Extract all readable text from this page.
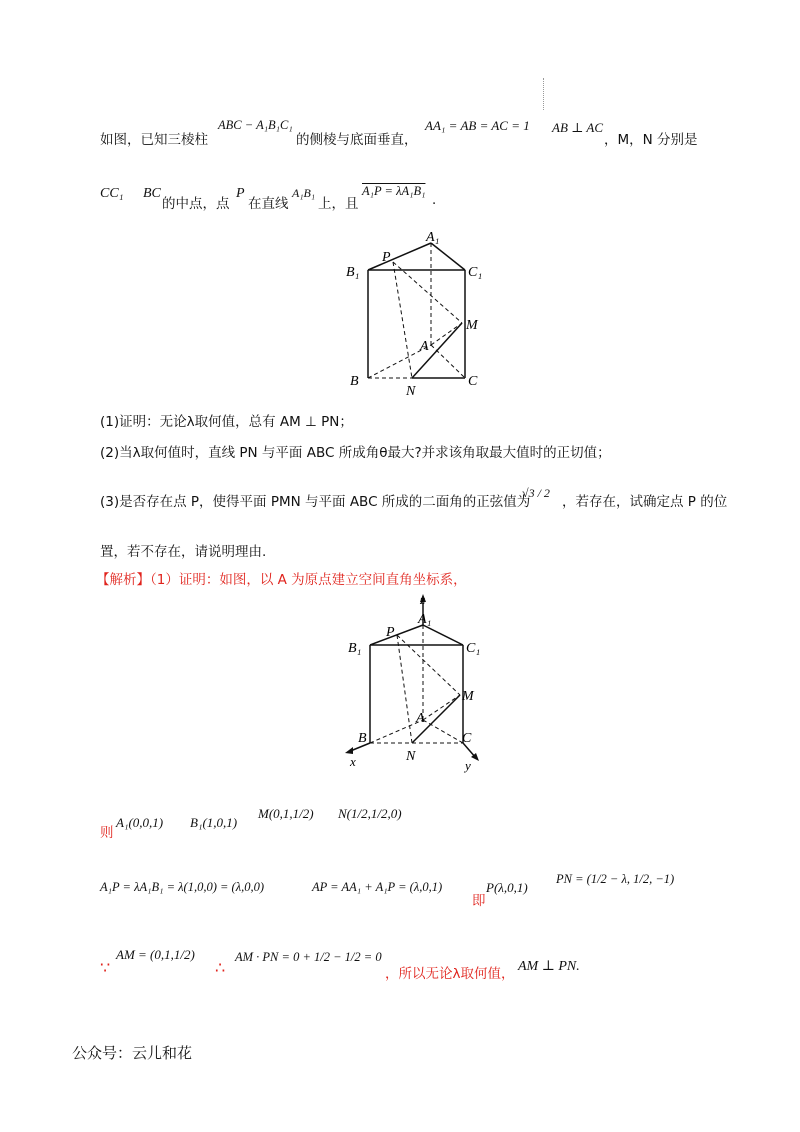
如图，已知三棱柱
ABC − A₁B₁C₁
的侧棱与底面垂直，
AA₁ = AB = AC = 1 AB ⊥ AC
，M，N 分别是
CC₁ BC
的中点，点
P
在直线
A₁B₁
上，且
A₁P = λA₁B₁
.
A₁
B₁	C₁
P
M
A
B	C
N
(1)证明：无论λ取何值，总有 AM ⊥ PN；
(2)当λ取何值时，直线 PN 与平面 ABC 所成角θ最大?并求该角取最大值时的正切值；
(3)是否存在点 P，使得平面 PMN 与平面 ABC 所成的二面角的正弦值为
√3 / 2
，若存在，试确定点 P 的位
置，若不存在，请说明理由.
【解析】（1）证明：如图，以 A 为原点建立空间直角坐标系，
z
A₁
B₁	C₁
P
M
A
B	C
N
x	y
则
A₁(0,0,1) B₁(1,0,1)
M(0,1,1/2) N(1/2,1/2,0)
A₁P = λA₁B₁ = λ(1,0,0) = (λ,0,0)	AP = AA₁ + A₁P = (λ,0,1)
即
P(λ,0,1)
PN = (1/2 − λ, 1/2, −1)
∵
AM = (0,1,1/2)
∴
AM · PN = 0 + 1/2 − 1/2 = 0
，所以无论λ取何值， AM ⊥ PN.
公众号：云儿和花
